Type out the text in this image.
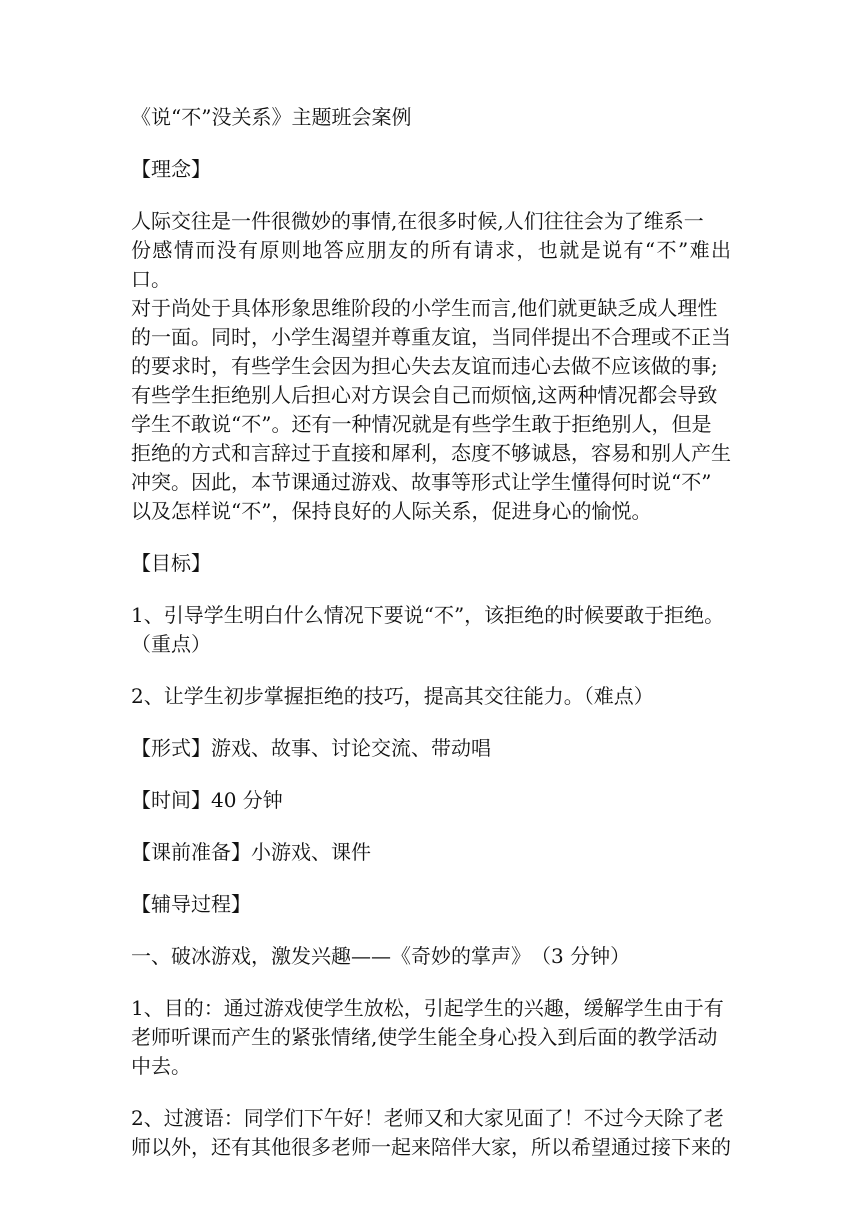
《说“不”没关系》主题班会案例

【理念】

人际交往是一件很微妙的事情,在很多时候,人们往往会为了维系一
份感情而没有原则地答应朋友的所有请求，也就是说有“不”难出口。
对于尚处于具体形象思维阶段的小学生而言,他们就更缺乏成人理性
的一面。同时，小学生渴望并尊重友谊，当同伴提出不合理或不正当
的要求时，有些学生会因为担心失去友谊而违心去做不应该做的事;
有些学生拒绝别人后担心对方误会自己而烦恼,这两种情况都会导致
学生不敢说“不”。还有一种情况就是有些学生敢于拒绝别人，但是
拒绝的方式和言辞过于直接和犀利，态度不够诚恳，容易和别人产生
冲突。因此，本节课通过游戏、故事等形式让学生懂得何时说“不”
以及怎样说“不”，保持良好的人际关系，促进身心的愉悦。

【目标】

1、引导学生明白什么情况下要说“不”，该拒绝的时候要敢于拒绝。
（重点）

2、让学生初步掌握拒绝的技巧，提高其交往能力。（难点）

【形式】游戏、故事、讨论交流、带动唱

【时间】40 分钟

【课前准备】小游戏、课件

【辅导过程】

一、破冰游戏，激发兴趣——《奇妙的掌声》　（3 分钟）

1、目的：通过游戏使学生放松，引起学生的兴趣，缓解学生由于有
老师听课而产生的紧张情绪,使学生能全身心投入到后面的教学活动
中去。

2、过渡语：同学们下午好！老师又和大家见面了！不过今天除了老
师以外，还有其他很多老师一起来陪伴大家，所以希望通过接下来的
